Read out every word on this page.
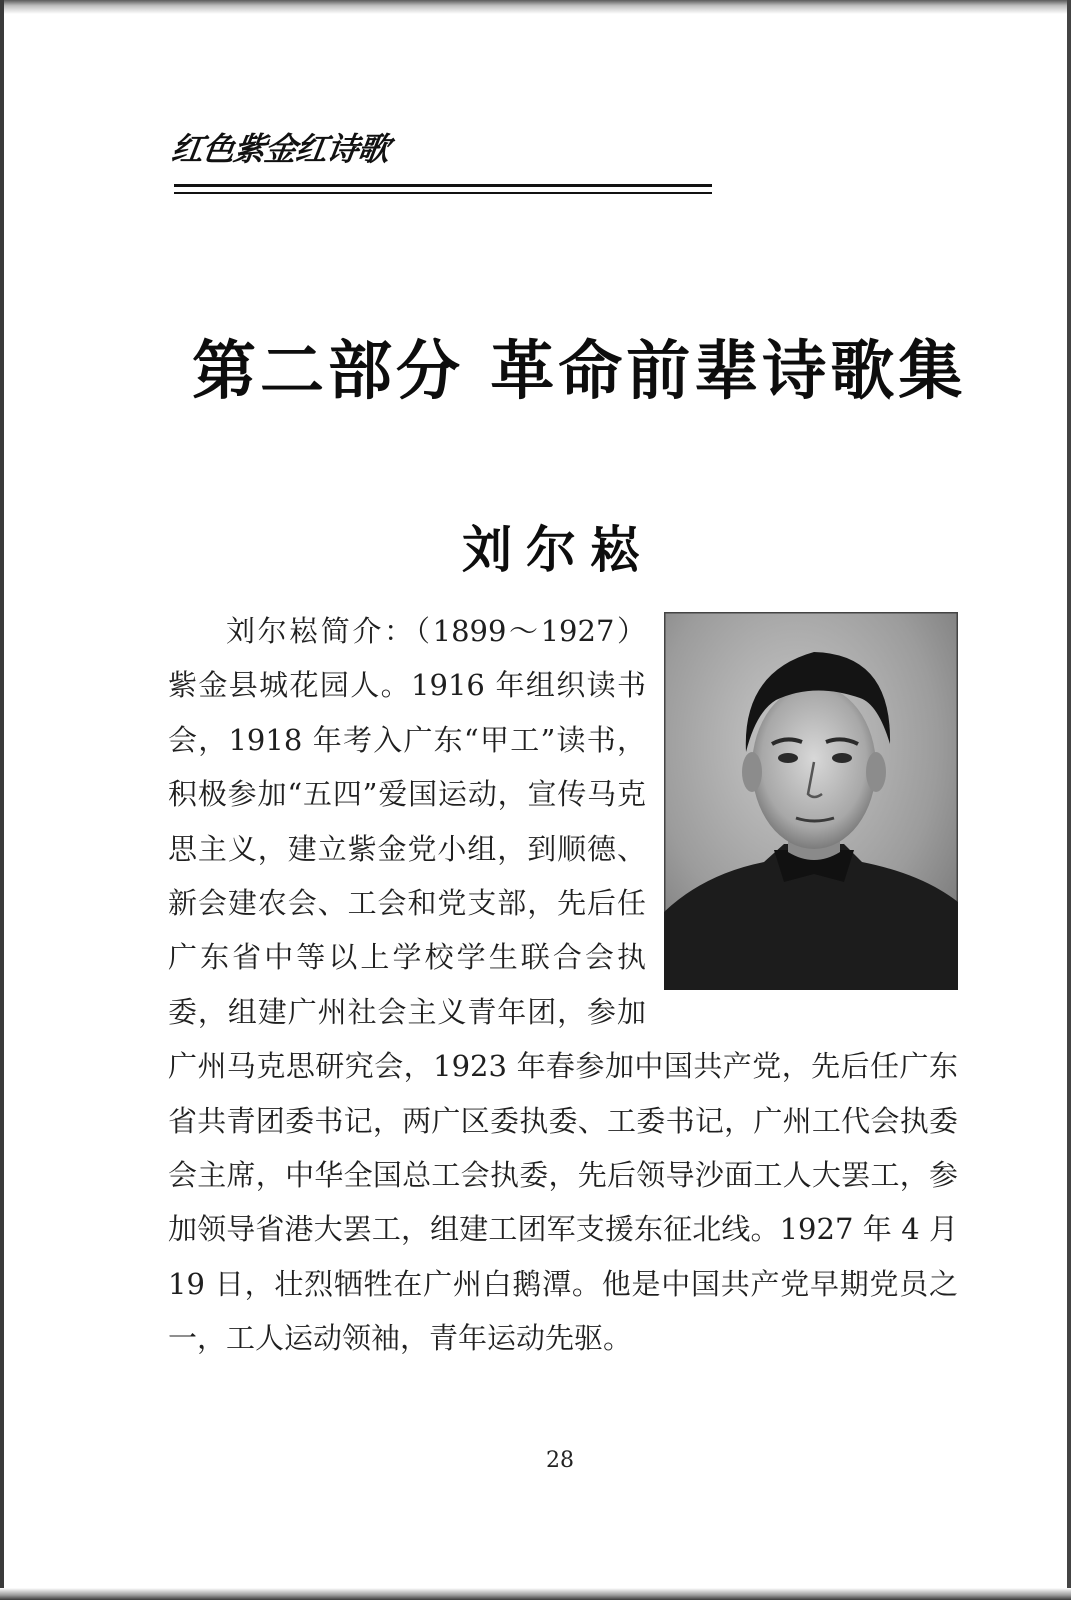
红色紫金红诗歌
第二部分 革命前辈诗歌集
刘尔崧
刘尔崧简介：（1899～1927）紫金县城花园人。1916 年组织读书会，1918 年考入广东“甲工”读书，积极参加“五四”爱国运动，宣传马克思主义，建立紫金党小组，到顺德、新会建农会、工会和党支部，先后任广东省中等以上学校学生联合会执委，组建广州社会主义青年团，参加广州马克思研究会，1923 年春参加中国共产党，先后任广东省共青团委书记，两广区委执委、工委书记，广州工代会执委会主席，中华全国总工会执委，先后领导沙面工人大罢工，参加领导省港大罢工，组建工团军支援东征北线。1927 年 4 月 19 日，壮烈牺牲在广州白鹅潭。他是中国共产党早期党员之一，工人运动领袖，青年运动先驱。
28
